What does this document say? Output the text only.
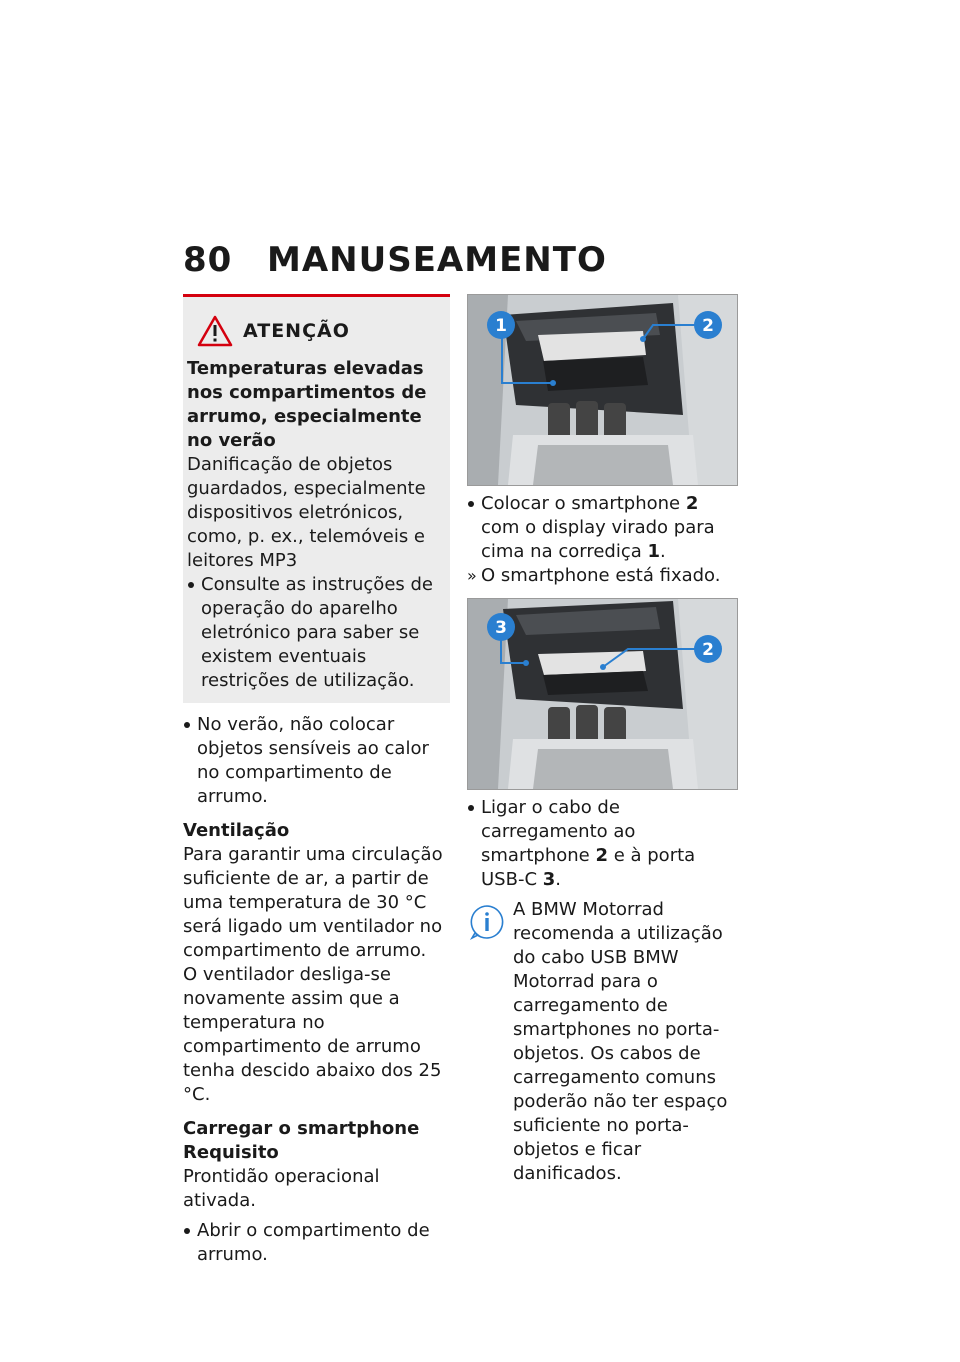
80 MANUSEAMENTO
ATENÇÃO

Temperaturas elevadas nos compartimentos de arrumo, especialmente no verão

Danificação de objetos guardados, especialmente dispositivos eletrónicos, como, p. ex., telemóveis e leitores MP3

Consulte as instruções de operação do aparelho eletrónico para saber se existem eventuais restrições de utilização.

No verão, não colocar objetos sensíveis ao calor no compartimento de arrumo.

Ventilação

Para garantir uma circulação suficiente de ar, a partir de uma temperatura de 30 °C será ligado um ventilador no compartimento de arrumo.

O ventilador desliga-se novamente assim que a temperatura no compartimento de arrumo tenha descido abaixo dos 25 °C.

Carregar o smartphone

Requisito

Prontidão operacional ativada.

Abrir o compartimento de arrumo.

1	2

Colocar o smartphone 2 com o display virado para cima na corrediça 1.

» O smartphone está fixado.

3
2

Ligar o cabo de carregamento ao smartphone 2 e à porta USB-C 3.

A BMW Motorrad recomenda a utilização do cabo USB BMW Motorrad para o carregamento de smartphones no porta-objetos. Os cabos de carregamento comuns poderão não ter espaço suficiente no porta-objetos e ficar danificados.
